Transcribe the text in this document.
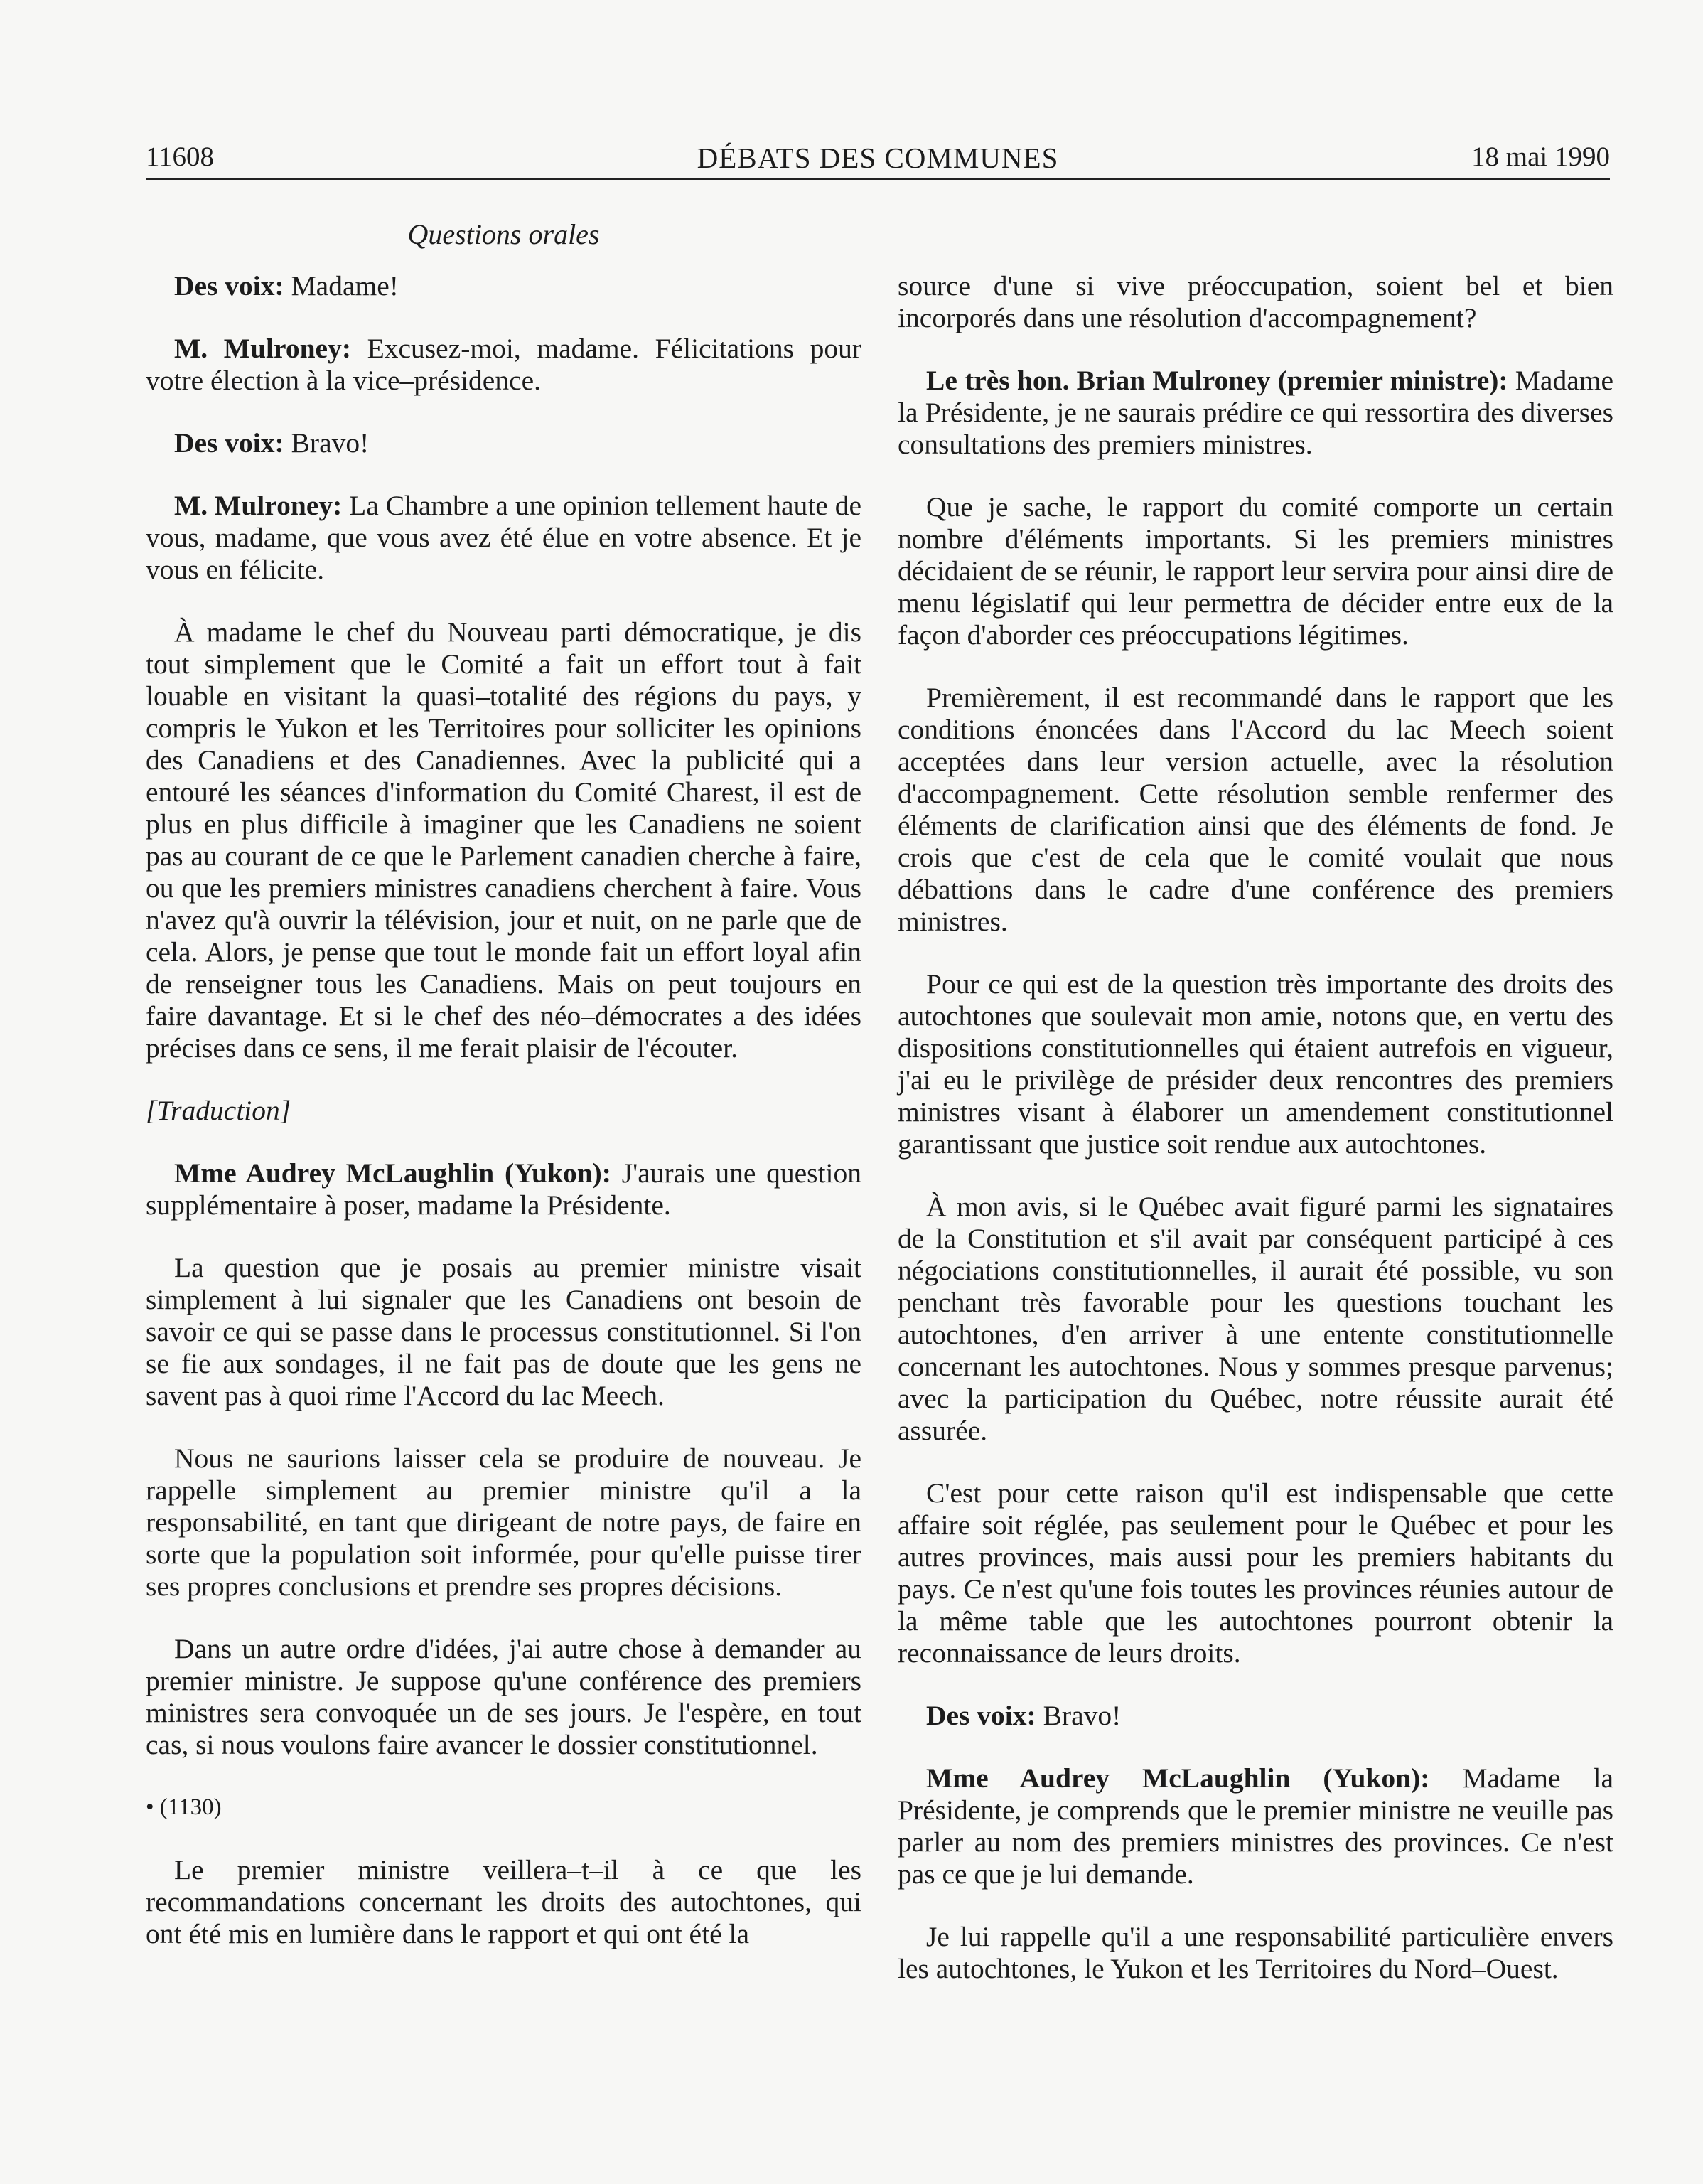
11608	DÉBATS DES COMMUNES	18 mai 1990
Questions orales

Des voix: Madame!

M. Mulroney: Excusez-moi, madame. Félicitations pour votre élection à la vice–présidence.

Des voix: Bravo!

M. Mulroney: La Chambre a une opinion tellement haute de vous, madame, que vous avez été élue en votre absence. Et je vous en félicite.

À madame le chef du Nouveau parti démocratique, je dis tout simplement que le Comité a fait un effort tout à fait louable en visitant la quasi–totalité des régions du pays, y compris le Yukon et les Territoires pour solliciter les opinions des Canadiens et des Canadiennes. Avec la publicité qui a entouré les séances d'information du Comité Charest, il est de plus en plus difficile à imaginer que les Canadiens ne soient pas au courant de ce que le Parlement canadien cherche à faire, ou que les premiers ministres canadiens cherchent à faire. Vous n'avez qu'à ouvrir la télévision, jour et nuit, on ne parle que de cela. Alors, je pense que tout le monde fait un effort loyal afin de renseigner tous les Canadiens. Mais on peut toujours en faire davantage. Et si le chef des néo–démocrates a des idées précises dans ce sens, il me ferait plaisir de l'écouter.

[Traduction]

Mme Audrey McLaughlin (Yukon): J'aurais une question supplémentaire à poser, madame la Présidente.

La question que je posais au premier ministre visait simplement à lui signaler que les Canadiens ont besoin de savoir ce qui se passe dans le processus constitutionnel. Si l'on se fie aux sondages, il ne fait pas de doute que les gens ne savent pas à quoi rime l'Accord du lac Meech.

Nous ne saurions laisser cela se produire de nouveau. Je rappelle simplement au premier ministre qu'il a la responsabilité, en tant que dirigeant de notre pays, de faire en sorte que la population soit informée, pour qu'elle puisse tirer ses propres conclusions et prendre ses propres décisions.

Dans un autre ordre d'idées, j'ai autre chose à demander au premier ministre. Je suppose qu'une conférence des premiers ministres sera convoquée un de ses jours. Je l'espère, en tout cas, si nous voulons faire avancer le dossier constitutionnel.

• (1130)

Le premier ministre veillera–t–il à ce que les recommandations concernant les droits des autochtones, qui ont été mis en lumière dans le rapport et qui ont été la

source d'une si vive préoccupation, soient bel et bien incorporés dans une résolution d'accompagnement?

Le très hon. Brian Mulroney (premier ministre): Madame la Présidente, je ne saurais prédire ce qui ressortira des diverses consultations des premiers ministres.

Que je sache, le rapport du comité comporte un certain nombre d'éléments importants. Si les premiers ministres décidaient de se réunir, le rapport leur servira pour ainsi dire de menu législatif qui leur permettra de décider entre eux de la façon d'aborder ces préoccupations légitimes.

Premièrement, il est recommandé dans le rapport que les conditions énoncées dans l'Accord du lac Meech soient acceptées dans leur version actuelle, avec la résolution d'accompagnement. Cette résolution semble renfermer des éléments de clarification ainsi que des éléments de fond. Je crois que c'est de cela que le comité voulait que nous débattions dans le cadre d'une conférence des premiers ministres.

Pour ce qui est de la question très importante des droits des autochtones que soulevait mon amie, notons que, en vertu des dispositions constitutionnelles qui étaient autrefois en vigueur, j'ai eu le privilège de présider deux rencontres des premiers ministres visant à élaborer un amendement constitutionnel garantissant que justice soit rendue aux autochtones.

À mon avis, si le Québec avait figuré parmi les signataires de la Constitution et s'il avait par conséquent participé à ces négociations constitutionnelles, il aurait été possible, vu son penchant très favorable pour les questions touchant les autochtones, d'en arriver à une entente constitutionnelle concernant les autochtones. Nous y sommes presque parvenus; avec la participation du Québec, notre réussite aurait été assurée.

C'est pour cette raison qu'il est indispensable que cette affaire soit réglée, pas seulement pour le Québec et pour les autres provinces, mais aussi pour les premiers habitants du pays. Ce n'est qu'une fois toutes les provinces réunies autour de la même table que les autochtones pourront obtenir la reconnaissance de leurs droits.

Des voix: Bravo!

Mme Audrey McLaughlin (Yukon): Madame la Présidente, je comprends que le premier ministre ne veuille pas parler au nom des premiers ministres des provinces. Ce n'est pas ce que je lui demande.

Je lui rappelle qu'il a une responsabilité particulière envers les autochtones, le Yukon et les Territoires du Nord–Ouest.
